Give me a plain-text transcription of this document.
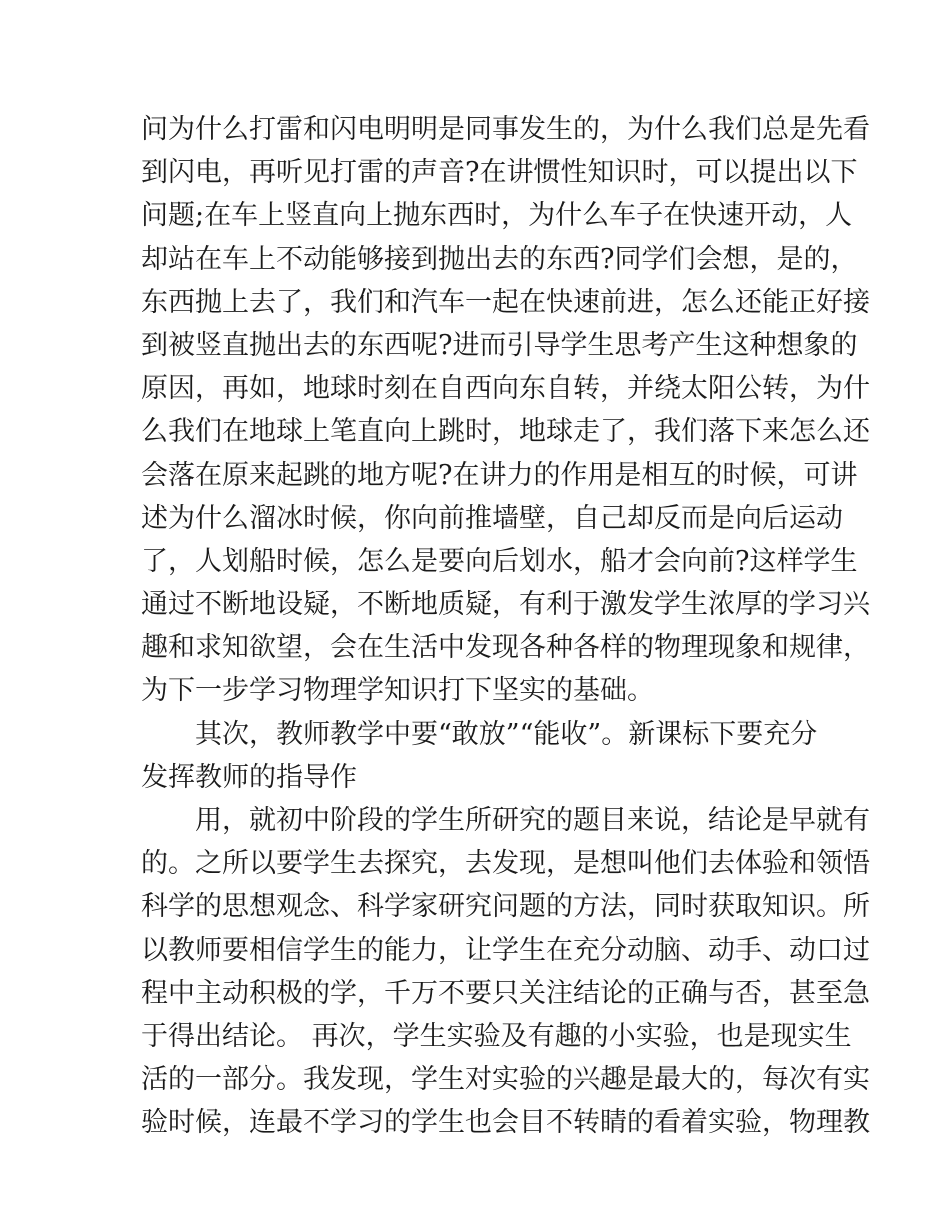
问为什么打雷和闪电明明是同事发生的，为什么我们总是先看
到闪电，再听见打雷的声音?在讲惯性知识时，可以提出以下
问题;在车上竖直向上抛东西时，为什么车子在快速开动，人
却站在车上不动能够接到抛出去的东西?同学们会想，是的，
东西抛上去了，我们和汽车一起在快速前进，怎么还能正好接
到被竖直抛出去的东西呢?进而引导学生思考产生这种想象的
原因，再如，地球时刻在自西向东自转，并绕太阳公转，为什
么我们在地球上笔直向上跳时，地球走了，我们落下来怎么还
会落在原来起跳的地方呢?在讲力的作用是相互的时候，可讲
述为什么溜冰时候，你向前推墙壁，自己却反而是向后运动
了，人划船时候，怎么是要向后划水，船才会向前?这样学生
通过不断地设疑，不断地质疑，有利于激发学生浓厚的学习兴
趣和求知欲望，会在生活中发现各种各样的物理现象和规律，
为下一步学习物理学知识打下坚实的基础。
其次，教师教学中要“敢放”“能收”。新课标下要充分
发挥教师的指导作
用，就初中阶段的学生所研究的题目来说，结论是早就有
的。之所以要学生去探究，去发现，是想叫他们去体验和领悟
科学的思想观念、科学家研究问题的方法，同时获取知识。所
以教师要相信学生的能力，让学生在充分动脑、动手、动口过
程中主动积极的学，千万不要只关注结论的正确与否，甚至急
于得出结论。 再次，学生实验及有趣的小实验，也是现实生
活的一部分。我发现，学生对实验的兴趣是最大的，每次有实
验时候，连最不学习的学生也会目不转睛的看着实验，物理教
